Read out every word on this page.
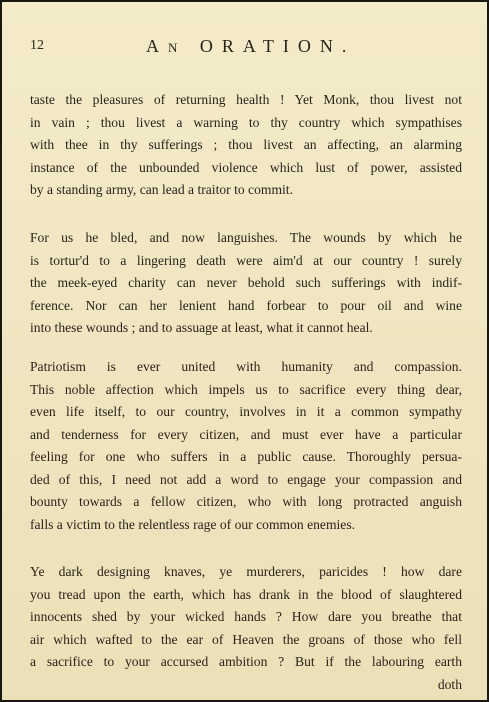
12	An ORATION.
taste the pleasures of returning health ! Yet Monk, thou livest not
in vain ; thou livest a warning to thy country which sympathises
with thee in thy sufferings ; thou livest an affecting, an alarming
instance of the unbounded violence which lust of power, assisted
by a standing army, can lead a traitor to commit.
For us he bled, and now languishes. The wounds by which he
is tortur'd to a lingering death were aim'd at our country ! surely
the meek-eyed charity can never behold such sufferings with indif-
ference. Nor can her lenient hand forbear to pour oil and wine
into these wounds ; and to assuage at least, what it cannot heal.
Patriotism is ever united with humanity and compassion.
This noble affection which impels us to sacrifice every thing dear,
even life itself, to our country, involves in it a common sympathy
and tenderness for every citizen, and must ever have a particular
feeling for one who suffers in a public cause. Thoroughly persua-
ded of this, I need not add a word to engage your compassion and
bounty towards a fellow citizen, who with long protracted anguish
falls a victim to the relentless rage of our common enemies.
Ye dark designing knaves, ye murderers, paricides ! how dare
you tread upon the earth, which has drank in the blood of slaughtered
innocents shed by your wicked hands ? How dare you breathe that
air which wafted to the ear of Heaven the groans of those who fell
a sacrifice to your accursed ambition ? But if the labouring earth
doth
